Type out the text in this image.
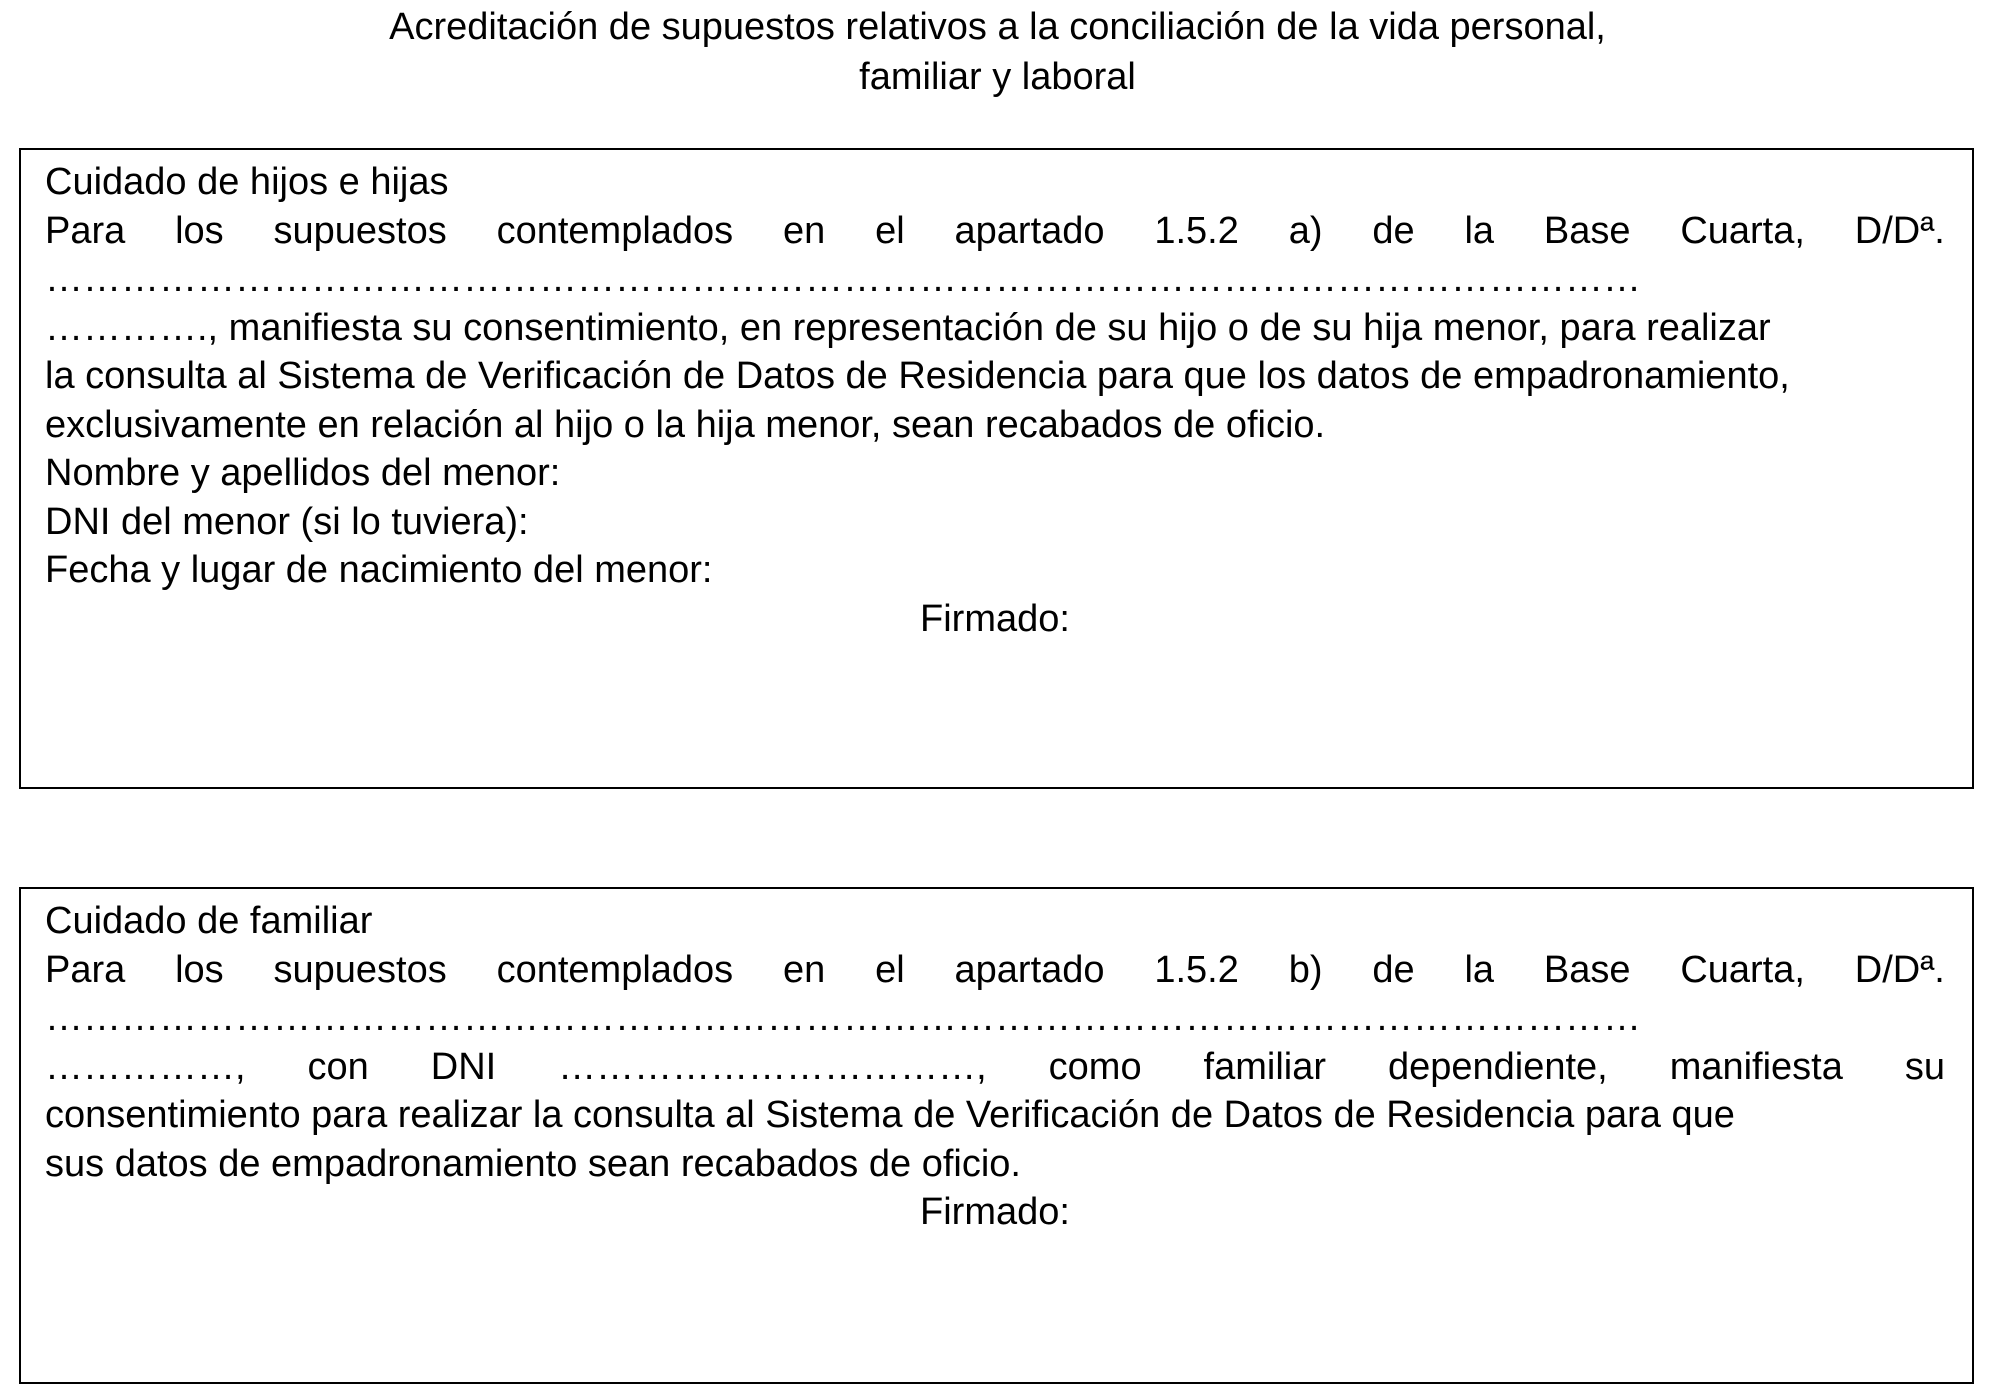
Acreditación de supuestos relativos a la conciliación de la vida personal,
familiar y laboral
Cuidado de hijos e hijas
Para los supuestos contemplados en el apartado 1.5.2 a) de la Base Cuarta, D/Dª.
………………………………………………………………………………………………………………
…………., manifiesta su consentimiento, en representación de su hijo o de su hija menor, para realizar
la consulta al Sistema de Verificación de Datos de Residencia para que los datos de empadronamiento,
exclusivamente en relación al hijo o la hija menor, sean recabados de oficio.
Nombre y apellidos del menor:
DNI del menor (si lo tuviera):
Fecha y lugar de nacimiento del menor:
Firmado:
Cuidado de familiar
Para los supuestos contemplados en el apartado 1.5.2 b) de la Base Cuarta, D/Dª.
………………………………………………………………………………………………………………
……………, con DNI ……………………………, como familiar dependiente, manifiesta su
consentimiento para realizar la consulta al Sistema de Verificación de Datos de Residencia para que
sus datos de empadronamiento sean recabados de oficio.
Firmado:
